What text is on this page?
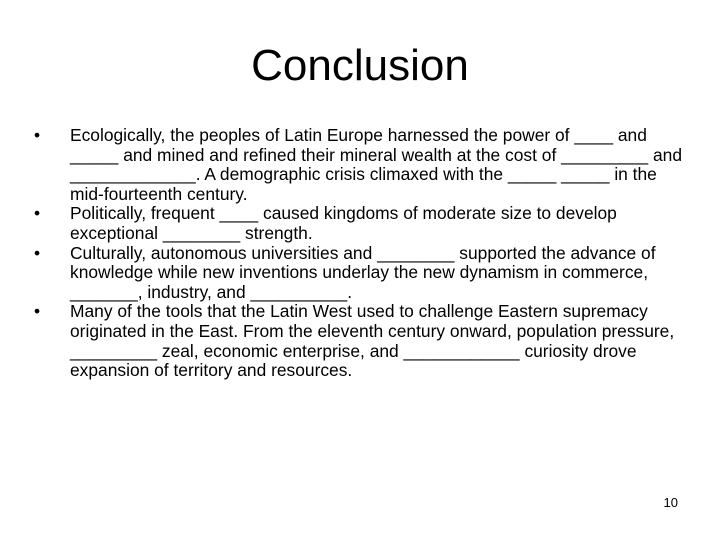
Conclusion
• Ecologically, the peoples of Latin Europe harnessed the power of ____ and _____ and mined and refined their mineral wealth at the cost of _________ and _____________. A demographic crisis climaxed with the _____ _____ in the mid-fourteenth century.
• Politically, frequent ____ caused kingdoms of moderate size to develop exceptional ________ strength.
• Culturally, autonomous universities and ________ supported the advance of knowledge while new inventions underlay the new dynamism in commerce, _______, industry, and __________.
• Many of the tools that the Latin West used to challenge Eastern supremacy originated in the East. From the eleventh century onward, population pressure, _________ zeal, economic enterprise, and ____________ curiosity drove expansion of territory and resources.
10
